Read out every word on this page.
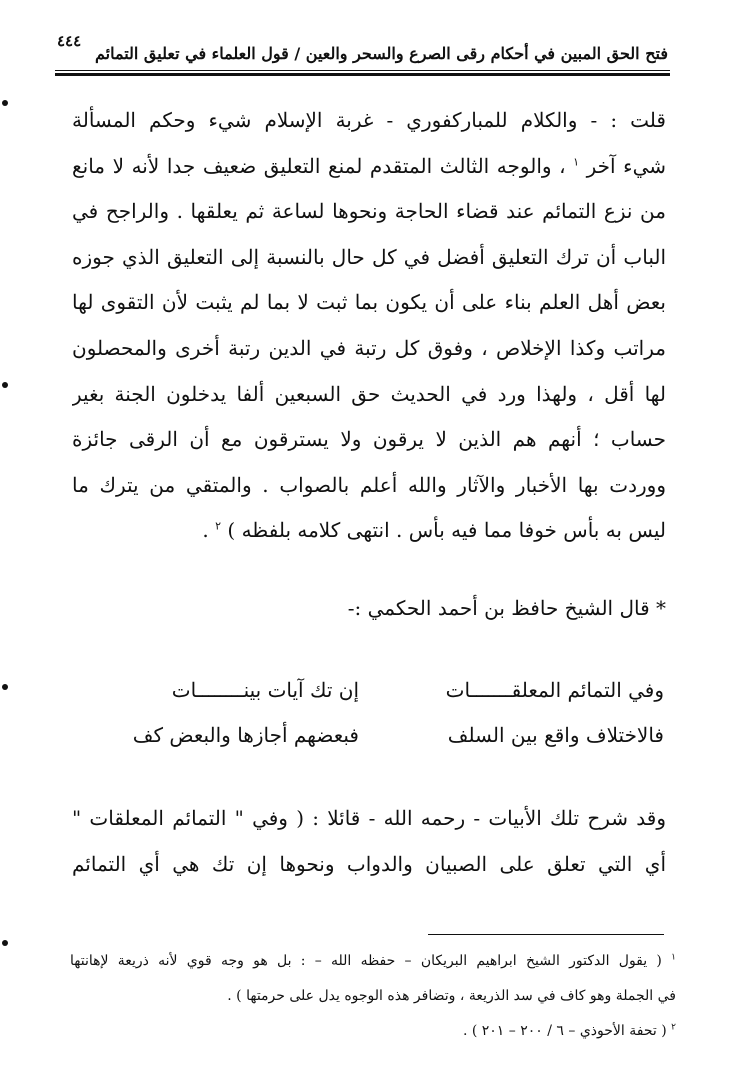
٤٤٤
فتح الحق المبين في أحكام رقى الصرع والسحر والعين / قول العلماء في تعليق التمائم
قلت : - والكلام للمباركفوري - غربة الإسلام شيء وحكم المسألة
شيء آخر $^١$ ، والوجه الثالث المتقدم لمنع التعليق ضعيف جدا لأنه لا مانع
من نزع التمائم عند قضاء الحاجة ونحوها لساعة ثم يعلقها . والراجح في
الباب أن ترك التعليق أفضل في كل حال بالنسبة إلى التعليق الذي جوزه
بعض أهل العلم بناء على أن يكون بما ثبت لا بما لم يثبت لأن التقوى لها
مراتب وكذا الإخلاص ، وفوق كل رتبة في الدين رتبة أخرى والمحصلون
لها أقل ، ولهذا ورد في الحديث حق السبعين ألفا يدخلون الجنة بغير
حساب ؛ أنهم هم الذين لا يرقون ولا يسترقون مع أن الرقى جائزة
ووردت بها الأخبار والآثار والله أعلم بالصواب . والمتقي من يترك ما
ليس به بأس خوفا مما فيه بأس . انتهى كلامه بلفظه ) $^٢$ .
* قال الشيخ حافظ بن أحمد الحكمي :-
وفي التمائم المعلقـــــــات
إن تك آيات بينــــــــات
فالاختلاف واقع بين السلف
فبعضهم أجازها والبعض كف
وقد شرح تلك الأبيات - رحمه الله - قائلا : ( وفي " التمائم المعلقات "
أي التي تعلق على الصبيان والدواب ونحوها إن تك هي أي التمائم
$^١$ ( يقول الدكتور الشيخ ابراهيم البريكان – حفظه الله – : بل هو وجه قوي لأنه ذريعة لإهانتها
في الجملة وهو كاف في سد الذريعة ، وتضافر هذه الوجوه يدل على حرمتها ) .
$^٢$ ( تحفة الأحوذي – ٦ / ٢٠٠ – ٢٠١ ) .
